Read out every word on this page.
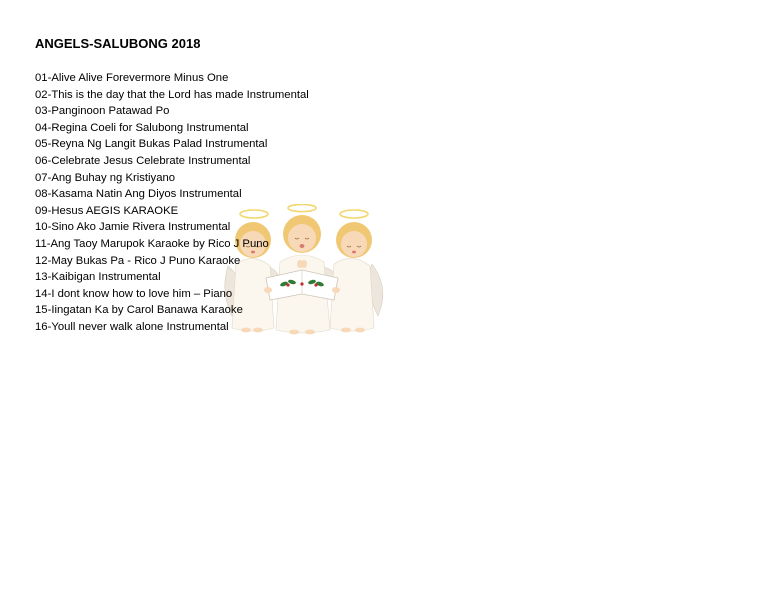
ANGELS-SALUBONG 2018
01-Alive Alive Forevermore Minus One
02-This is the day that the Lord has made Instrumental
03-Panginoon Patawad Po
04-Regina Coeli for Salubong Instrumental
05-Reyna Ng Langit Bukas Palad Instrumental
06-Celebrate Jesus Celebrate Instrumental
07-Ang Buhay ng Kristiyano
08-Kasama Natin Ang Diyos Instrumental
09-Hesus AEGIS KARAOKE
10-Sino Ako Jamie Rivera Instrumental
11-Ang Taoy Marupok Karaoke by Rico J Puno
12-May Bukas Pa - Rico J Puno Karaoke
13-Kaibigan Instrumental
14-I dont know how to love him – Piano
15-Iingatan Ka by Carol Banawa Karaoke
16-Youll never walk alone Instrumental
